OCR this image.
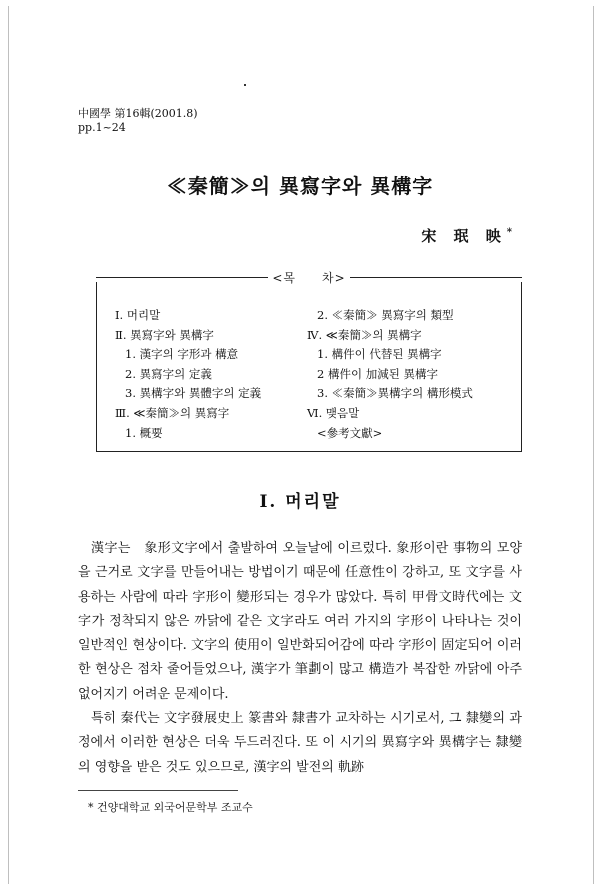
中國學 第16輯(2001.8)
pp.1~24
≪秦簡≫의 異寫字와 異構字
宋 珉 映*
<목　　차>
Ⅰ. 머리말
Ⅱ. 異寫字와 異構字
1. 漢字의 字形과 構意
2. 異寫字의 定義
3. 異構字와 異體字의 定義
Ⅲ. ≪秦簡≫의 異寫字
1. 概要
2. ≪秦簡≫ 異寫字의 類型
Ⅳ. ≪秦簡≫의 異構字
1. 構件이 代替된 異構字
2 構件이 加減된 異構字
3. ≪秦簡≫異構字의 構形模式
Ⅵ. 맺음말
<參考文獻>
Ⅰ. 머리말

漢字는　象形文字에서 출발하여 오늘날에 이르렀다. 象形이란 事物의 모양을 근거로 文字를 만들어내는 방법이기 때문에 任意性이 강하고, 또 文字를 사용하는 사람에 따라 字形이 變形되는 경우가 많았다. 특히 甲骨文時代에는 文字가 정착되지 않은 까닭에 같은 文字라도 여러 가지의 字形이 나타나는 것이 일반적인 현상이다. 文字의 使用이 일반화되어감에 따라 字形이 固定되어 이러한 현상은 점차 줄어들었으나, 漢字가 筆劃이 많고 構造가 복잡한 까닭에 아주 없어지기 어려운 문제이다.

특히 秦代는 文字發展史上 篆書와 隸書가 교차하는 시기로서, 그 隸變의 과정에서 이러한 현상은 더욱 두드러진다. 또 이 시기의 異寫字와 異構字는 隸變의 영향을 받은 것도 있으므로, 漢字의 발전의 軌跡

* 건양대학교 외국어문학부 조교수
